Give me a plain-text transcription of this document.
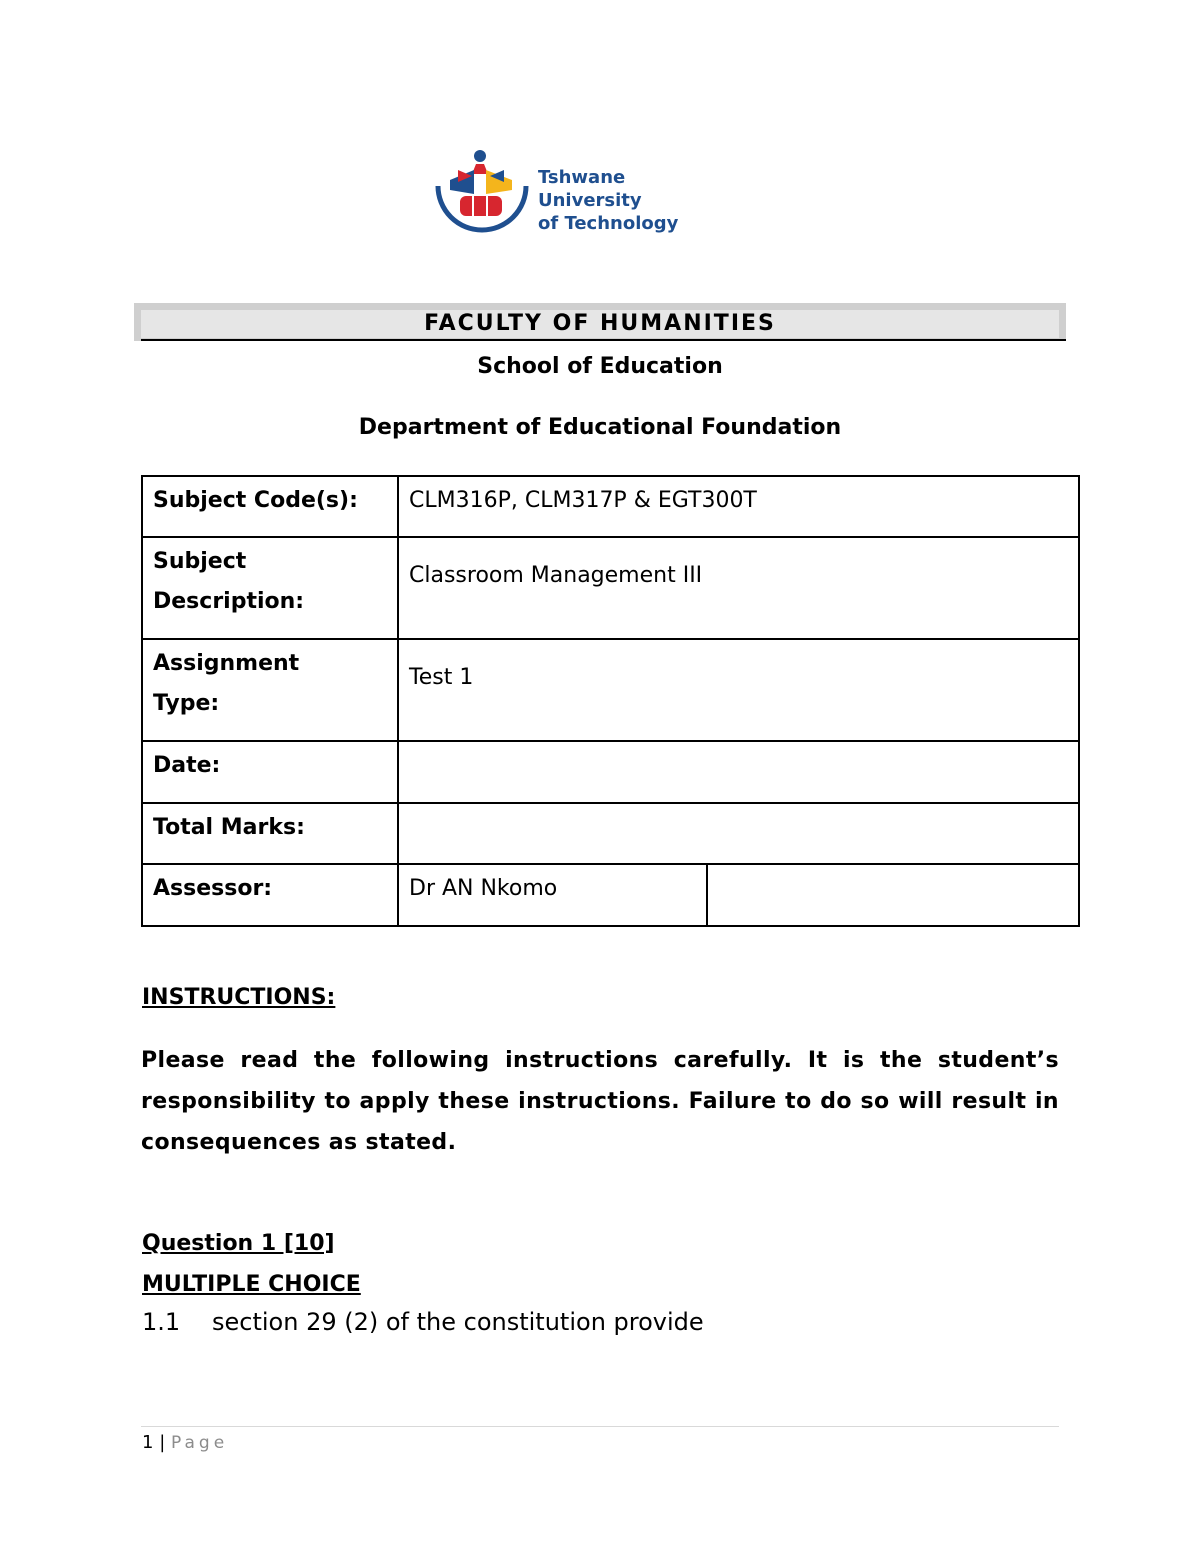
Tshwane University
of Technology
FACULTY OF HUMANITIES
School of Education
Department of Educational Foundation
Subject Code(s):	CLM316P, CLM317P & EGT300T	

Subject
Description:	Classroom Management III	

Assignment
Type:	Test 1	
Date:		
Total Marks:		
Assessor:	Dr AN Nkomo	
INSTRUCTIONS:
Please read the following instructions carefully. It is the student’s responsibility to apply these instructions. Failure to do so will result in consequences as stated.
Question 1 [10]
MULTIPLE CHOICE
1.1 section 29 (2) of the constitution provide
1 | Page
